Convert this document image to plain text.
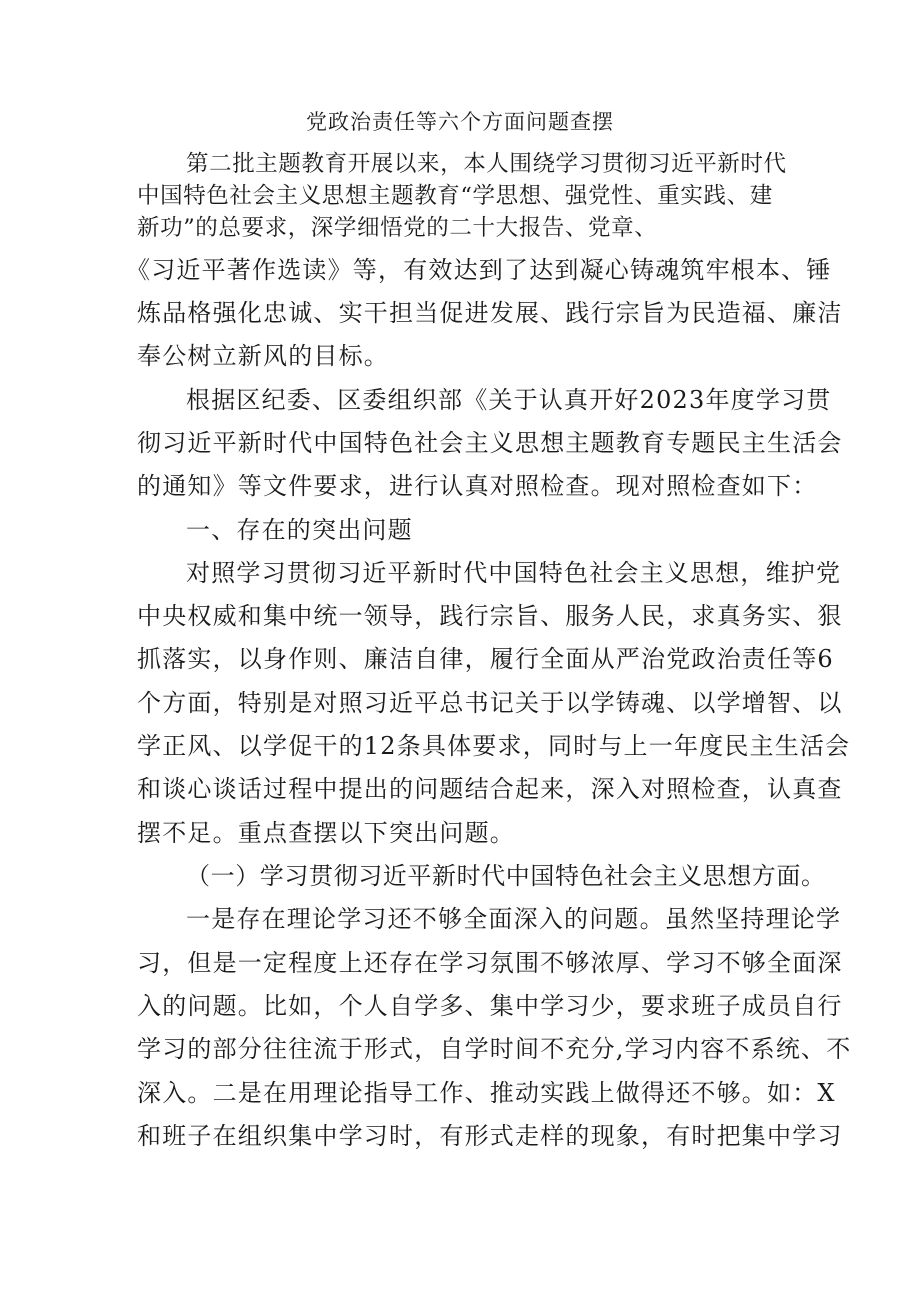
党政治责任等六个方面问题查摆
第二批主题教育开展以来，本人围绕学习贯彻习近平新时代
中国特色社会主义思想主题教育“学思想、强党性、重实践、建
新功”的总要求，深学细悟党的二十大报告、党章、
《习近平著作选读》等，有效达到了达到凝心铸魂筑牢根本、锤
炼品格强化忠诚、实干担当促进发展、践行宗旨为民造福、廉洁
奉公树立新风的目标。
根据区纪委、区委组织部《关于认真开好2023年度学习贯
彻习近平新时代中国特色社会主义思想主题教育专题民主生活会
的通知》等文件要求，进行认真对照检查。现对照检查如下：
一、存在的突出问题
对照学习贯彻习近平新时代中国特色社会主义思想，维护党
中央权威和集中统一领导，践行宗旨、服务人民，求真务实、狠
抓落实，以身作则、廉洁自律，履行全面从严治党政治责任等6
个方面，特别是对照习近平总书记关于以学铸魂、以学增智、以
学正风、以学促干的12条具体要求，同时与上一年度民主生活会
和谈心谈话过程中提出的问题结合起来，深入对照检查，认真查
摆不足。重点查摆以下突出问题。
（一）学习贯彻习近平新时代中国特色社会主义思想方面。
一是存在理论学习还不够全面深入的问题。虽然坚持理论学
习，但是一定程度上还存在学习氛围不够浓厚、学习不够全面深
入的问题。比如，个人自学多、集中学习少，要求班子成员自行
学习的部分往往流于形式，自学时间不充分,学习内容不系统、不
深入。二是在用理论指导工作、推动实践上做得还不够。如：X
和班子在组织集中学习时，有形式走样的现象，有时把集中学习
